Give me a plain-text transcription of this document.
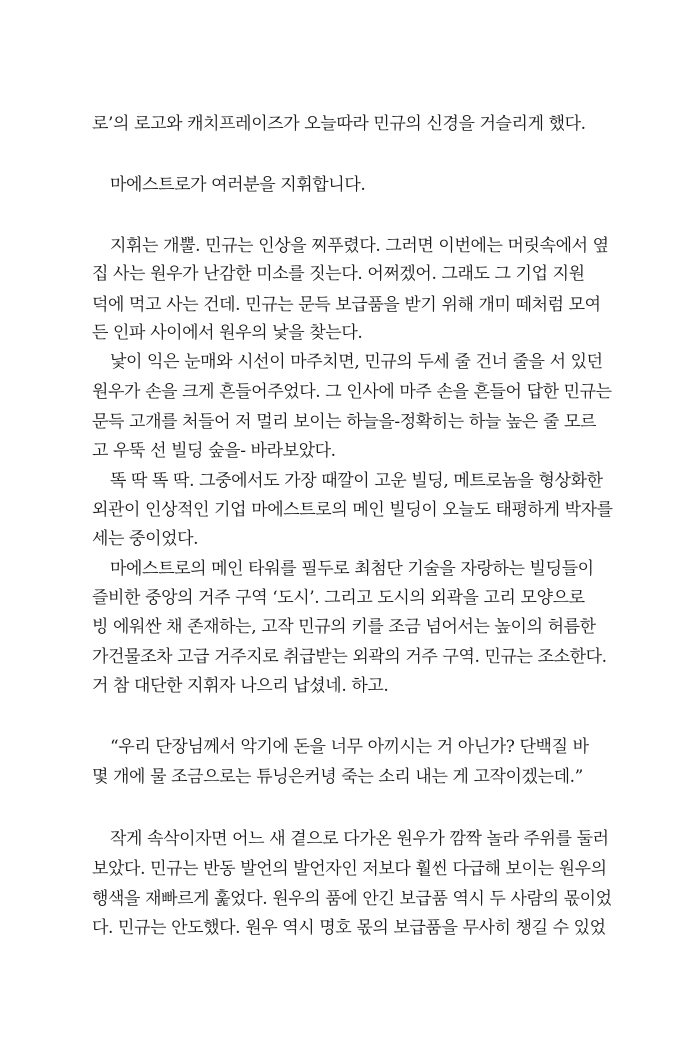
로’의 로고와 캐치프레이즈가 오늘따라 민규의 신경을 거슬리게 했다.
마에스트로가 여러분을 지휘합니다.
지휘는 개뿔. 민규는 인상을 찌푸렸다. 그러면 이번에는 머릿속에서 옆
집 사는 원우가 난감한 미소를 짓는다. 어쩌겠어. 그래도 그 기업 지원
덕에 먹고 사는 건데. 민규는 문득 보급품을 받기 위해 개미 떼처럼 모여
든 인파 사이에서 원우의 낯을 찾는다.
낯이 익은 눈매와 시선이 마주치면, 민규의 두세 줄 건너 줄을 서 있던
원우가 손을 크게 흔들어주었다. 그 인사에 마주 손을 흔들어 답한 민규는
문득 고개를 처들어 저 멀리 보이는 하늘을-정확히는 하늘 높은 줄 모르
고 우뚝 선 빌딩 숲을- 바라보았다.
똑 딱 똑 딱. 그중에서도 가장 때깔이 고운 빌딩, 메트로놈을 형상화한
외관이 인상적인 기업 마에스트로의 메인 빌딩이 오늘도 태평하게 박자를
세는 중이었다.
마에스트로의 메인 타워를 필두로 최첨단 기술을 자랑하는 빌딩들이
즐비한 중앙의 거주 구역 ‘도시’. 그리고 도시의 외곽을 고리 모양으로
빙 에워싼 채 존재하는, 고작 민규의 키를 조금 넘어서는 높이의 허름한
가건물조차 고급 거주지로 취급받는 외곽의 거주 구역. 민규는 조소한다.
거 참 대단한 지휘자 나으리 납셨네. 하고.
“우리 단장님께서 악기에 돈을 너무 아끼시는 거 아닌가? 단백질 바
몇 개에 물 조금으로는 튜닝은커녕 죽는 소리 내는 게 고작이겠는데.”
작게 속삭이자면 어느 새 곁으로 다가온 원우가 깜짝 놀라 주위를 둘러
보았다. 민규는 반동 발언의 발언자인 저보다 훨씬 다급해 보이는 원우의
행색을 재빠르게 훑었다. 원우의 품에 안긴 보급품 역시 두 사람의 몫이었
다. 민규는 안도했다. 원우 역시 명호 몫의 보급품을 무사히 챙길 수 있었
